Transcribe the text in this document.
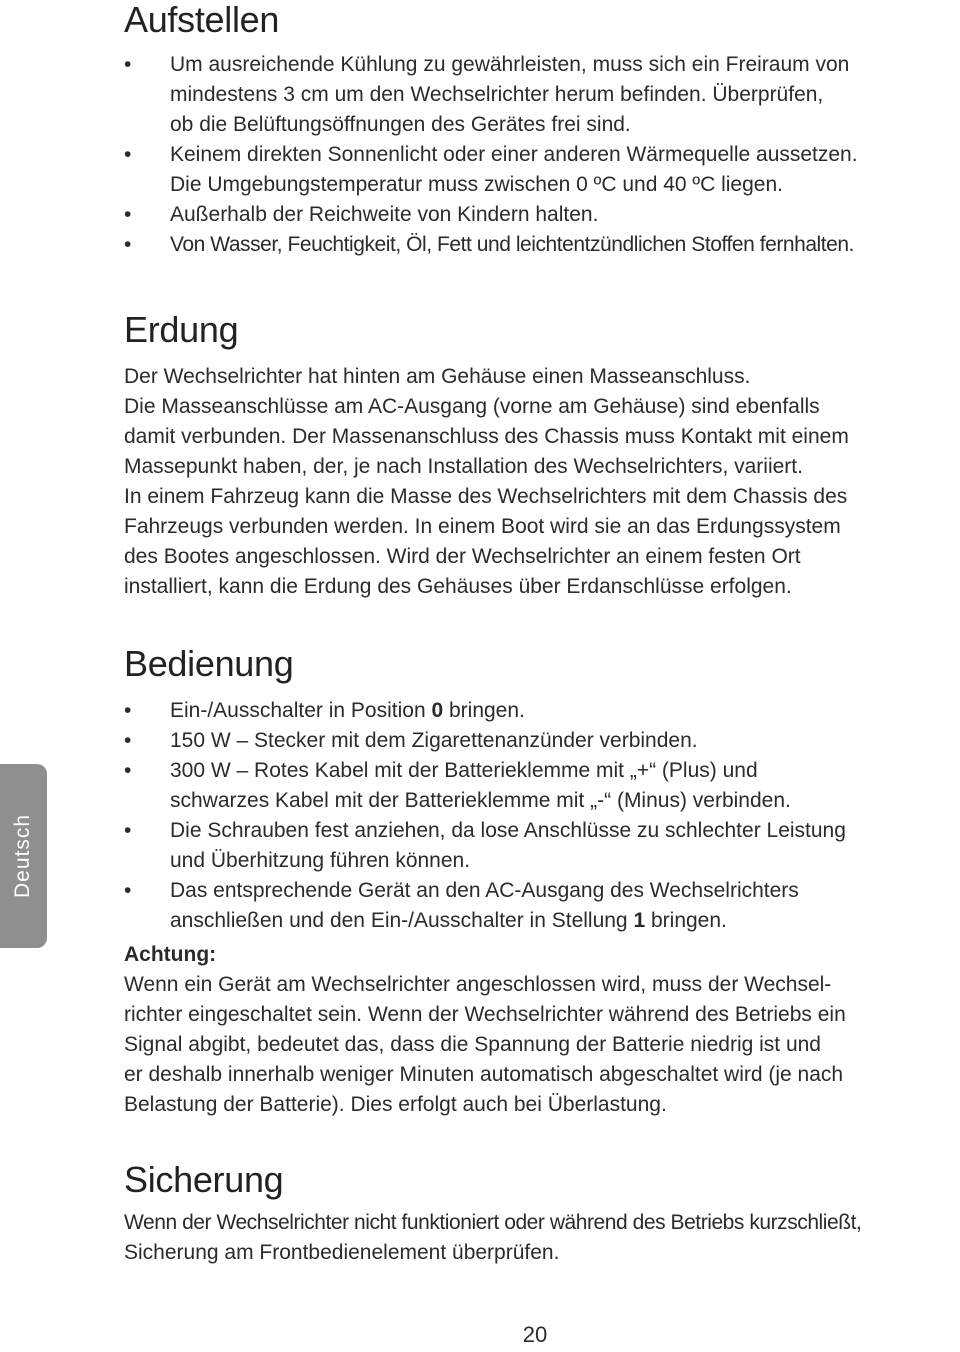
Aufstellen
•	Um ausreichende Kühlung zu gewährleisten, muss sich ein Freiraum von
mindestens 3 cm um den Wechselrichter herum befinden. Überprüfen,
ob die Belüftungsöffnungen des Gerätes frei sind.
•	Keinem direkten Sonnenlicht oder einer anderen Wärmequelle aussetzen.
Die Umgebungstemperatur muss zwischen 0 ºC und 40 ºC liegen.
•	Außerhalb der Reichweite von Kindern halten.
•	Von Wasser, Feuchtigkeit, Öl, Fett und leichtentzündlichen Stoffen fernhalten.
Erdung

Der Wechselrichter hat hinten am Gehäuse einen Masseanschluss.
Die Masseanschlüsse am AC-Ausgang (vorne am Gehäuse) sind ebenfalls
damit verbunden. Der Massenanschluss des Chassis muss Kontakt mit einem
Massepunkt haben, der, je nach Installation des Wechselrichters, variiert.
In einem Fahrzeug kann die Masse des Wechselrichters mit dem Chassis des
Fahrzeugs verbunden werden. In einem Boot wird sie an das Erdungssystem
des Bootes angeschlossen. Wird der Wechselrichter an einem festen Ort
installiert, kann die Erdung des Gehäuses über Erdanschlüsse erfolgen.

Bedienung
•	Ein-/Ausschalter in Position 0 bringen.
•	150 W – Stecker mit dem Zigarettenanzünder verbinden.
•	300 W – Rotes Kabel mit der Batterieklemme mit „+“ (Plus) und
schwarzes Kabel mit der Batterieklemme mit „-“ (Minus) verbinden.
•	Die Schrauben fest anziehen, da lose Anschlüsse zu schlechter Leistung
und Überhitzung führen können.
•	Das entsprechende Gerät an den AC-Ausgang des Wechselrichters
anschließen und den Ein-/Ausschalter in Stellung 1 bringen.

Achtung:

Wenn ein Gerät am Wechselrichter angeschlossen wird, muss der Wechsel-
richter eingeschaltet sein. Wenn der Wechselrichter während des Betriebs ein
Signal abgibt, bedeutet das, dass die Spannung der Batterie niedrig ist und
er deshalb innerhalb weniger Minuten automatisch abgeschaltet wird (je nach
Belastung der Batterie). Dies erfolgt auch bei Überlastung.

Sicherung

Wenn der Wechselrichter nicht funktioniert oder während des Betriebs kurzschließt,
Sicherung am Frontbedienelement überprüfen.

Deutsch
20
